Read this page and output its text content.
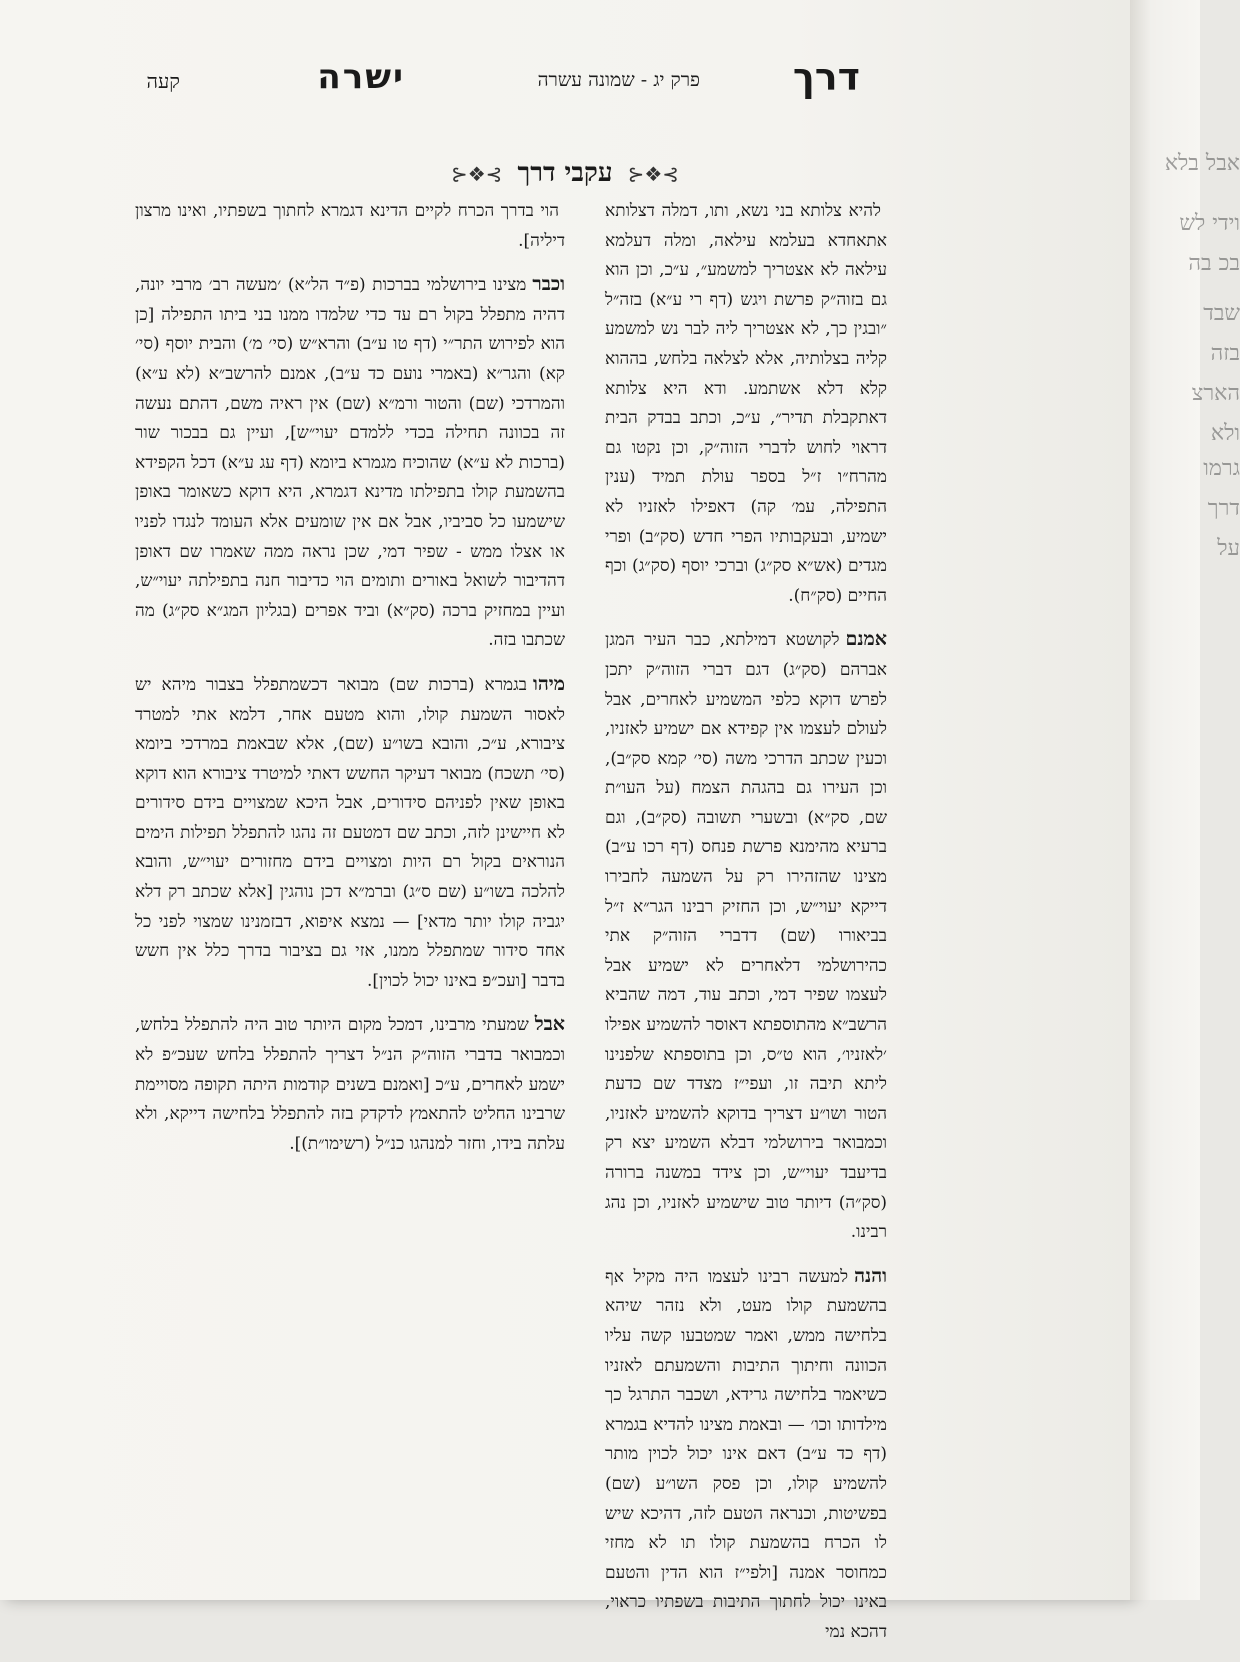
דרך
פרק יג - שמונה עשרה
ישרה
קעה
⊱❖⊰ עקבי דרך ⊱❖⊰

להיא צלותא בני נשא, ותו, דמלה דצלותא אתאחדא בעלמא עילאה, ומלה דעלמא עילאה לא אצטריך למשמע״, ע״כ, וכן הוא גם בזוה״ק פרשת ויגש (דף רי ע״א) בזה״ל ״ובגין כך, לא אצטריך ליה לבר נש למשמע קליה בצלותיה, אלא לצלאה בלחש, בההוא קלא דלא אשתמע. ודא היא צלותא דאתקבלת תדיר״, ע״כ, וכתב בבדק הבית דראוי לחוש לדברי הזוה״ק, וכן נקטו גם מהרח״ו ז״ל בספר עולת תמיד (ענין התפילה, עמ׳ קה) דאפילו לאזניו לא ישמיע, ובעקבותיו הפרי חדש (סק״ב) ופרי מגדים (אש״א סק״ג) וברכי יוסף (סק״ג) וכף החיים (סק״ח).

אמנםלקושטא דמילתא, כבר העיר המגן אברהם (סק״ג) דגם דברי הזוה״ק יתכן לפרש דוקא כלפי המשמיע לאחרים, אבל לעולם לעצמו אין קפידא אם ישמיע לאזניו, וכעין שכתב הדרכי משה (סי׳ קמא סק״ב), וכן העירו גם בהגהת הצמח (על העו״ת שם, סק״א) ובשערי תשובה (סק״ב), וגם ברעיא מהימנא פרשת פנחס (דף רכו ע״ב) מצינו שהזהירו רק על השמעה לחבירו דייקא יעוי״ש, וכן החזיק רבינו הגר״א ז״ל בביאורו (שם) דדברי הזוה״ק אתי כהירושלמי דלאחרים לא ישמיע אבל לעצמו שפיר דמי, וכתב עוד, דמה שהביא הרשב״א מהתוספתא דאוסר להשמיע אפילו ׳לאזניו׳, הוא ט״ס, וכן בתוספתא שלפנינו ליתא תיבה זו, ועפי״ז מצדד שם כדעת הטור ושו״ע דצריך בדוקא להשמיע לאזניו, וכמבואר בירושלמי דבלא השמיע יצא רק בדיעבד יעוי״ש, וכן צידד במשנה ברורה (סק״ה) דיותר טוב שישמיע לאזניו, וכן נהג רבינו.

והנהלמעשה רבינו לעצמו היה מקיל אף בהשמעת קולו מעט, ולא נזהר שיהא בלחישה ממש, ואמר שמטבעו קשה עליו הכוונה וחיתוך התיבות והשמעתם לאזניו כשיאמר בלחישה גרידא, ושכבר התרגל כך מילדותו וכו׳ — ובאמת מצינו להדיא בגמרא (דף כד ע״ב) דאם אינו יכול לכוין מותר להשמיע קולו, וכן פסק השו״ע (שם) בפשיטות, וכנראה הטעם לזה, דהיכא שיש לו הכרח בהשמעת קולו תו לא מחזי כמחוסר אמנה [ולפי״ז הוא הדין והטעם באינו יכול לחתוך התיבות בשפתיו כראוי, דהכא נמי

הוי בדרך הכרח לקיים הדינא דגמרא לחתוך בשפתיו, ואינו מרצון דיליה].

וכברמצינו בירושלמי בברכות (פ״ד הל״א) ׳מעשה רב׳ מרבי יונה, דהיה מתפלל בקול רם עד כדי שלמדו ממנו בני ביתו התפילה [כן הוא לפירוש התר״י (דף טו ע״ב) והרא״ש (סי׳ מ׳) והבית יוסף (סי׳ קא) והגר״א (באמרי נועם כד ע״ב), אמנם להרשב״א (לא ע״א) והמרדכי (שם) והטור ורמ״א (שם) אין ראיה משם, דהתם נעשה זה בכוונה תחילה בכדי ללמדם יעוי״ש], ועיין גם בבכור שור (ברכות לא ע״א) שהוכיח מגמרא ביומא (דף עג ע״א) דכל הקפידא בהשמעת קולו בתפילתו מדינא דגמרא, היא דוקא כשאומר באופן שישמעו כל סביביו, אבל אם אין שומעים אלא העומד לנגדו לפניו או אצלו ממש - שפיר דמי, שכן נראה ממה שאמרו שם דאופן דהדיבור לשואל באורים ותומים הוי כדיבור חנה בתפילתה יעוי״ש, ועיין במחזיק ברכה (סק״א) וביד אפרים (בגליון המג״א סק״ג) מה שכתבו בזה.

מיהובגמרא (ברכות שם) מבואר דכשמתפלל בצבור מיהא יש לאסור השמעת קולו, והוא מטעם אחר, דלמא אתי למטרד ציבורא, ע״כ, והובא בשו״ע (שם), אלא שבאמת במרדכי ביומא (סי׳ תשכח) מבואר דעיקר החשש דאתי למיטרד ציבורא הוא דוקא באופן שאין לפניהם סידורים, אבל היכא שמצויים בידם סידורים לא חיישינן לזה, וכתב שם דמטעם זה נהגו להתפלל תפילות הימים הנוראים בקול רם היות ומצויים בידם מחזורים יעוי״ש, והובא להלכה בשו״ע (שם ס״ג) וברמ״א דכן נוהגין [אלא שכתב רק דלא יגביה קולו יותר מדאי] — נמצא איפוא, דבזמנינו שמצוי לפני כל אחד סידור שמתפלל ממנו, אזי גם בציבור בדרך כלל אין חשש בדבר [ועכ״פ באינו יכול לכוין].

אבלשמעתי מרבינו, דמכל מקום היותר טוב היה להתפלל בלחש, וכמבואר בדברי הזוה״ק הנ״ל דצריך להתפלל בלחש שעכ״פ לא ישמע לאחרים, ע״כ [ואמנם בשנים קודמות היתה תקופה מסויימת שרבינו החליט להתאמץ לדקדק בזה להתפלל בלחישה דייקא, ולא עלתה בידו, וחזר למנהגו כנ״ל (רשימו״ת)].

אבל בלא
וידי לש
בכ בה
שבד
בזה
הארצ
ולא
גרמו
דרך
על
